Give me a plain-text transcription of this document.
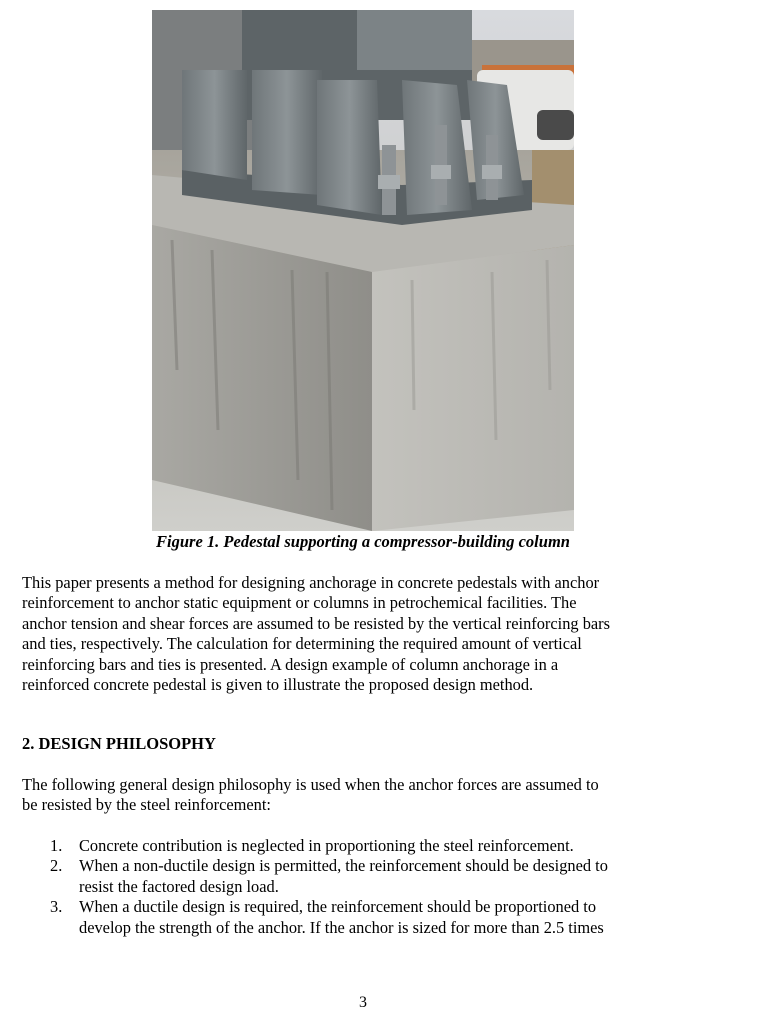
Figure 1. Pedestal supporting a compressor-building column

This paper presents a method for designing anchorage in concrete pedestals with anchor
reinforcement to anchor static equipment or columns in petrochemical facilities. The
anchor tension and shear forces are assumed to be resisted by the vertical reinforcing bars
and ties, respectively. The calculation for determining the required amount of vertical
reinforcing bars and ties is presented. A design example of column anchorage in a
reinforced concrete pedestal is given to illustrate the proposed design method.

2. DESIGN PHILOSOPHY

The following general design philosophy is used when the anchor forces are assumed to
be resisted by the steel reinforcement:

1. Concrete contribution is neglected in proportioning the steel reinforcement.
2. When a non-ductile design is permitted, the reinforcement should be designed to
resist the factored design load.
3. When a ductile design is required, the reinforcement should be proportioned to
develop the strength of the anchor. If the anchor is sized for more than 2.5 times
3
